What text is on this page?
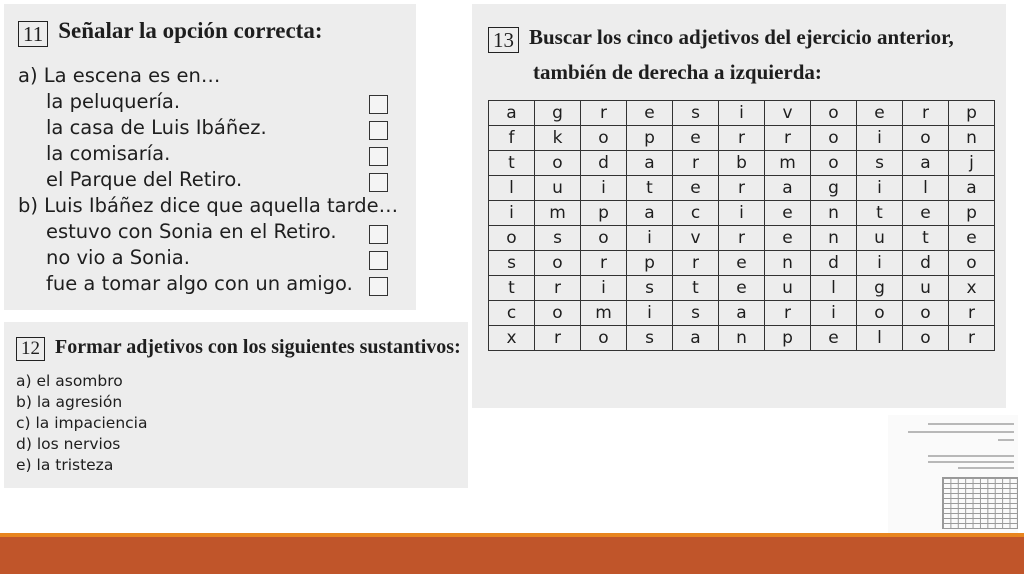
11 Señalar la opción correcta:
a) La escena es en…
la peluquería.
la casa de Luis Ibáñez.
la comisaría.
el Parque del Retiro.
b) Luis Ibáñez dice que aquella tarde…
estuvo con Sonia en el Retiro.
no vio a Sonia.
fue a tomar algo con un amigo.
12 Formar adjetivos con los siguientes sustantivos:
a) el asombro
b) la agresión
c) la impaciencia
d) los nervios
e) la tristeza
13 Buscar los cinco adjetivos del ejercicio anterior,
también de derecha a izquierda:
a	g	r	e	s	i	v	o	e	r	p
f	k	o	p	e	r	r	o	i	o	n
t	o	d	a	r	b	m	o	s	a	j
l	u	i	t	e	r	a	g	i	l	a
i	m	p	a	c	i	e	n	t	e	p
o	s	o	i	v	r	e	n	u	t	e
s	o	r	p	r	e	n	d	i	d	o
t	r	i	s	t	e	u	l	g	u	x
c	o	m	i	s	a	r	i	o	o	r
x	r	o	s	a	n	p	e	l	o	r
